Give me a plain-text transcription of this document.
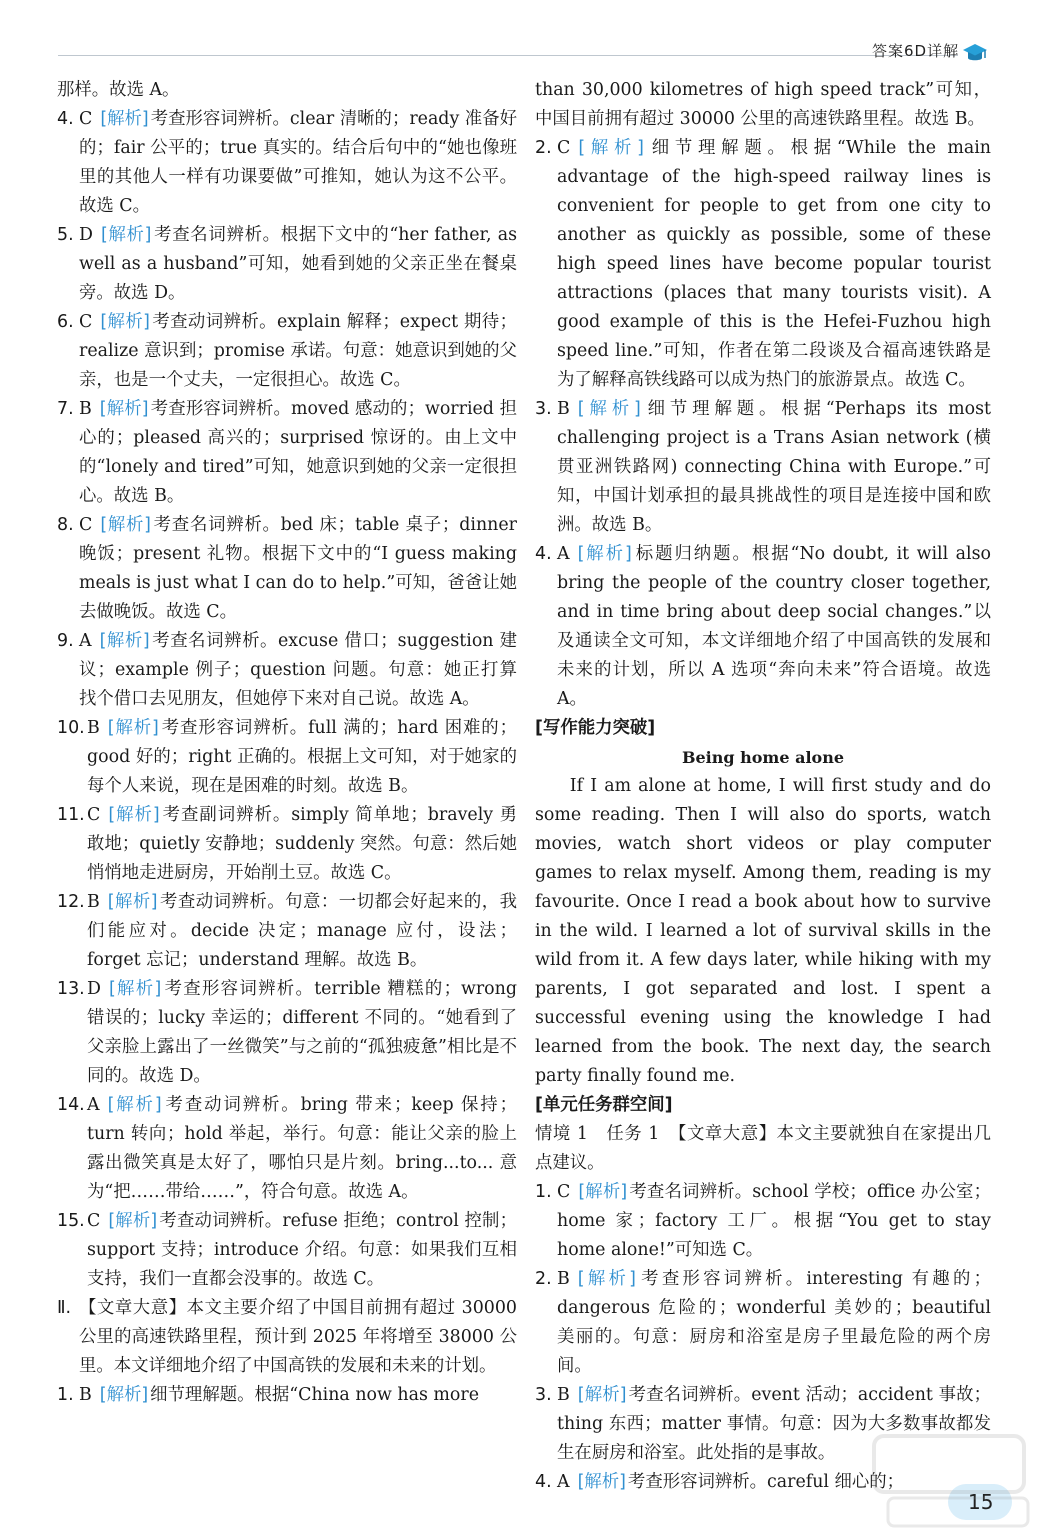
答案6D详解
那样。故选 A。
4. C [解析] 考查形容词辨析。clear 清晰的；ready 准备好的；fair 公平的；true 真实的。结合后句中的“她也像班里的其他人一样有功课要做”可推知，她认为这不公平。故选 C。
5. D [解析] 考查名词辨析。根据下文中的“her father, as well as a husband”可知，她看到她的父亲正坐在餐桌旁。故选 D。
6. C [解析] 考查动词辨析。explain 解释；expect 期待；realize 意识到；promise 承诺。句意：她意识到她的父亲，也是一个丈夫，一定很担心。故选 C。
7. B [解析] 考查形容词辨析。moved 感动的；worried 担心的；pleased 高兴的；surprised 惊讶的。由上文中的“lonely and tired”可知，她意识到她的父亲一定很担心。故选 B。
8. C [解析] 考查名词辨析。bed 床；table 桌子；dinner 晚饭；present 礼物。根据下文中的“I guess making meals is just what I can do to help.”可知，爸爸让她去做晚饭。故选 C。
9. A [解析] 考查名词辨析。excuse 借口；suggestion 建议；example 例子；question 问题。句意：她正打算找个借口去见朋友，但她停下来对自己说。故选 A。
10. B [解析] 考查形容词辨析。full 满的；hard 困难的；good 好的；right 正确的。根据上文可知，对于她家的每个人来说，现在是困难的时刻。故选 B。
11. C [解析] 考查副词辨析。simply 简单地；bravely 勇敢地；quietly 安静地；suddenly 突然。句意：然后她悄悄地走进厨房，开始削土豆。故选 C。
12. B [解析] 考查动词辨析。句意：一切都会好起来的，我们能应对。decide 决定；manage 应付，设法；forget 忘记；understand 理解。故选 B。
13. D [解析] 考查形容词辨析。terrible 糟糕的；wrong 错误的；lucky 幸运的；different 不同的。“她看到了父亲脸上露出了一丝微笑”与之前的“孤独疲惫”相比是不同的。故选 D。
14. A [解析] 考查动词辨析。bring 带来；keep 保持；turn 转向；hold 举起，举行。句意：能让父亲的脸上露出微笑真是太好了，哪怕只是片刻。bring...to... 意为“把……带给……”，符合句意。故选 A。
15. C [解析] 考查动词辨析。refuse 拒绝；control 控制；support 支持；introduce 介绍。句意：如果我们互相支持，我们一直都会没事的。故选 C。
Ⅱ. 【文章大意】本文主要介绍了中国目前拥有超过 30000 公里的高速铁路里程，预计到 2025 年将增至 38000 公里。本文详细地介绍了中国高铁的发展和未来的计划。
1. B [解析] 细节理解题。根据“China now has more
than 30,000 kilometres of high speed track”可知，中国目前拥有超过 30000 公里的高速铁路里程。故选 B。
2. C [解析] 细节理解题。根据“While the main advantage of the high-speed railway lines is convenient for people to get from one city to another as quickly as possible, some of these high speed lines have become popular tourist attractions (places that many tourists visit). A good example of this is the Hefei-Fuzhou high speed line.”可知，作者在第二段谈及合福高速铁路是为了解释高铁线路可以成为热门的旅游景点。故选 C。
3. B [解析] 细节理解题。根据“Perhaps its most challenging project is a Trans Asian network (横贯亚洲铁路网) connecting China with Europe.”可知，中国计划承担的最具挑战性的项目是连接中国和欧洲。故选 B。
4. A [解析] 标题归纳题。根据“No doubt, it will also bring the people of the country closer together, and in time bring about deep social changes.”以及通读全文可知，本文详细地介绍了中国高铁的发展和未来的计划，所以 A 选项“奔向未来”符合语境。故选 A。

[写作能力突破]

Being home alone

If I am alone at home, I will first study and do some reading. Then I will also do sports, watch movies, watch short videos or play computer games to relax myself. Among them, reading is my favourite. Once I read a book about how to survive in the wild. I learned a lot of survival skills in the wild from it. A few days later, while hiking with my parents, I got separated and lost. I spent a successful evening using the knowledge I had learned from the book. The next day, the search party finally found me.

[单元任务群空间]

情境 1　任务 1　【文章大意】本文主要就独自在家提出几点建议。

1. C [解析] 考查名词辨析。school 学校；office 办公室；home 家；factory 工厂。根据“You get to stay home alone!”可知选 C。
2. B [解析] 考查形容词辨析。interesting 有趣的；dangerous 危险的；wonderful 美妙的；beautiful 美丽的。句意：厨房和浴室是房子里最危险的两个房间。
3. B [解析] 考查名词辨析。event 活动；accident 事故；thing 东西；matter 事情。句意：因为大多数事故都发生在厨房和浴室。此处指的是事故。
4. A [解析] 考查形容词辨析。careful 细心的；
15
